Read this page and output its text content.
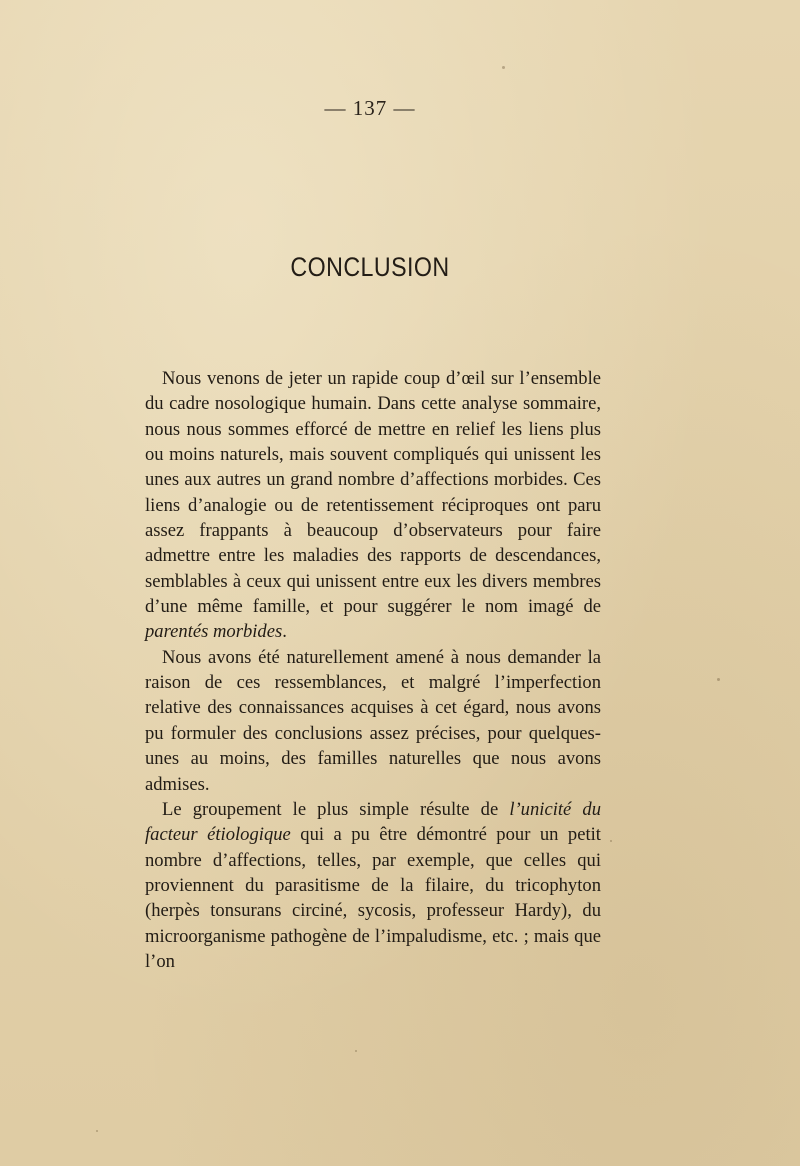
— 137 —
CONCLUSION

Nous venons de jeter un rapide coup d’œil sur l’ensemble du cadre nosologique humain. Dans cette analyse sommaire, nous nous sommes efforcé de mettre en relief les liens plus ou moins naturels, mais souvent compliqués qui unissent les unes aux autres un grand nombre d’affections morbides. Ces liens d’analogie ou de retentissement réciproques ont paru assez frappants à beaucoup d’observateurs pour faire admettre entre les maladies des rapports de descendances, semblables à ceux qui unissent entre eux les divers membres d’une même famille, et pour suggérer le nom imagé de parentés morbides.

Nous avons été naturellement amené à nous demander la raison de ces ressemblances, et malgré l’imperfection relative des connaissances acquises à cet égard, nous avons pu formuler des conclusions assez précises, pour quelques-unes au moins, des familles naturelles que nous avons admises.

Le groupement le plus simple résulte de l’unicité du facteur étiologique qui a pu être démontré pour un petit nombre d’affections, telles, par exemple, que celles qui proviennent du parasitisme de la filaire, du tricophyton (herpès tonsurans circiné, sycosis, professeur Hardy), du microorganisme pathogène de l’impaludisme, etc. ; mais que l’on
